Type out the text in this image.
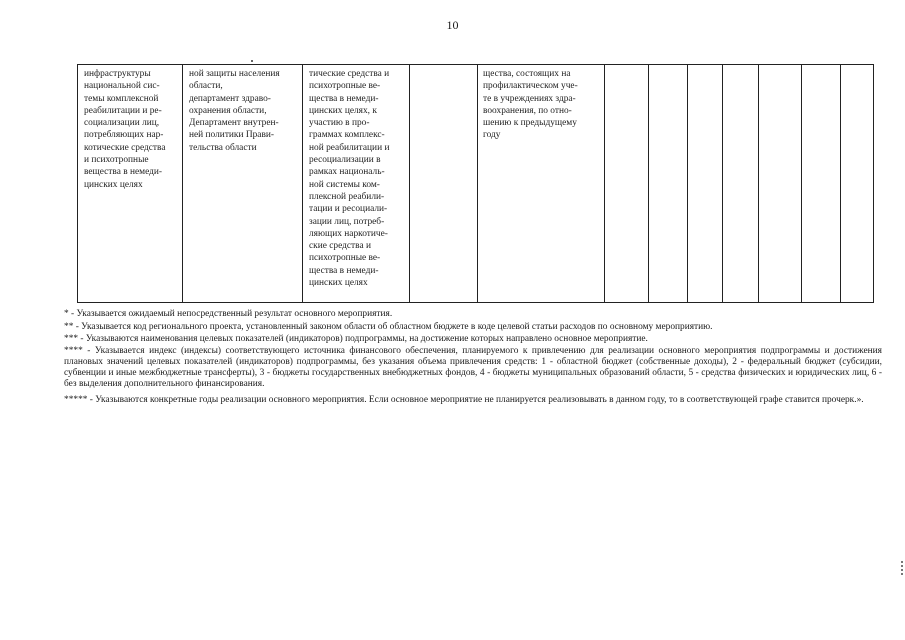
10
инфраструктуры
национальной сис-
темы комплексной
реабилитации и ре-
социализации лиц,
потребляющих нар-
котические средства
и психотропные
вещества в немеди-
цинских целях
ной защиты населения
области,
департамент здраво-
охранения области,
Департамент внутрен-
ней политики Прави-
тельства области
тические средства и
психотропные ве-
щества в немеди-
цинских целях, к
участию в про-
граммах комплекс-
ной реабилитации и
ресоциализации в
рамках националь-
ной системы ком-
плексной реабили-
тации и ресоциали-
зации лиц, потреб-
ляющих наркотиче-
ские средства и
психотропные ве-
щества в немеди-
цинских целях
щества, состоящих на
профилактическом уче-
те в учреждениях здра-
воохранения, по отно-
шению к предыдущему
году
* - Указывается ожидаемый непосредственный результат основного мероприятия.
** - Указывается код регионального проекта, установленный законом области об областном бюджете в коде целевой статьи расходов по основному мероприятию.
*** - Указываются наименования целевых показателей (индикаторов) подпрограммы, на достижение которых направлено основное мероприятие.
**** - Указывается индекс (индексы) соответствующего источника финансового обеспечения, планируемого к привлечению для реализации основного мероприятия подпрограммы и достижения плановых значений целевых показателей (индикаторов) подпрограммы, без указания объема привлечения средств: 1 - областной бюджет (собственные доходы), 2 - федеральный бюджет (субсидии, субвенции и иные межбюджетные трансферты), 3 - бюджеты государственных внебюджетных фондов, 4 - бюджеты муниципальных образований области, 5 - средства физических и юридических лиц, 6 - без выделения дополнительного финансирования.
***** - Указываются конкретные годы реализации основного мероприятия. Если основное мероприятие не планируется реализовывать в данном году, то в соответствующей графе ставится прочерк.».
